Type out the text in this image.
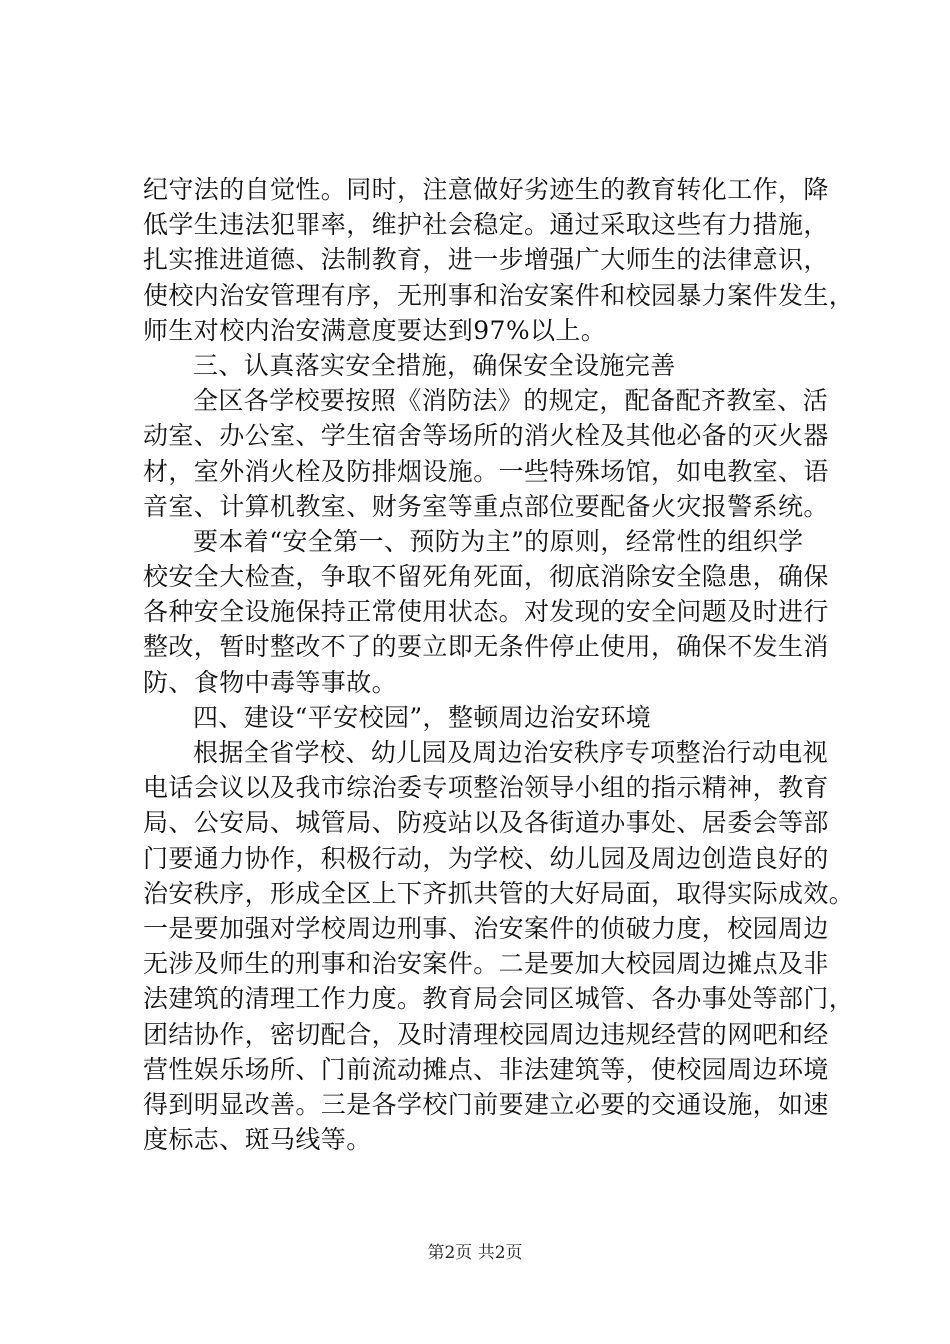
纪守法的自觉性。同时，注意做好劣迹生的教育转化工作，降
低学生违法犯罪率，维护社会稳定。通过采取这些有力措施，
扎实推进道德、法制教育，进一步增强广大师生的法律意识，
使校内治安管理有序，无刑事和治安案件和校园暴力案件发生，
师生对校内治安满意度要达到97%以上。
三、认真落实安全措施，确保安全设施完善
全区各学校要按照《消防法》的规定，配备配齐教室、活
动室、办公室、学生宿舍等场所的消火栓及其他必备的灭火器
材，室外消火栓及防排烟设施。一些特殊场馆，如电教室、语
音室、计算机教室、财务室等重点部位要配备火灾报警系统。
要本着“安全第一、预防为主”的原则，经常性的组织学
校安全大检查，争取不留死角死面，彻底消除安全隐患，确保
各种安全设施保持正常使用状态。对发现的安全问题及时进行
整改，暂时整改不了的要立即无条件停止使用，确保不发生消
防、食物中毒等事故。
四、建设“平安校园”，整顿周边治安环境
根据全省学校、幼儿园及周边治安秩序专项整治行动电视
电话会议以及我市综治委专项整治领导小组的指示精神，教育
局、公安局、城管局、防疫站以及各街道办事处、居委会等部
门要通力协作，积极行动，为学校、幼儿园及周边创造良好的
治安秩序，形成全区上下齐抓共管的大好局面，取得实际成效。
一是要加强对学校周边刑事、治安案件的侦破力度，校园周边
无涉及师生的刑事和治安案件。二是要加大校园周边摊点及非
法建筑的清理工作力度。教育局会同区城管、各办事处等部门，
团结协作，密切配合，及时清理校园周边违规经营的网吧和经
营性娱乐场所、门前流动摊点、非法建筑等，使校园周边环境
得到明显改善。三是各学校门前要建立必要的交通设施，如速
度标志、斑马线等。
第2页 共2页
